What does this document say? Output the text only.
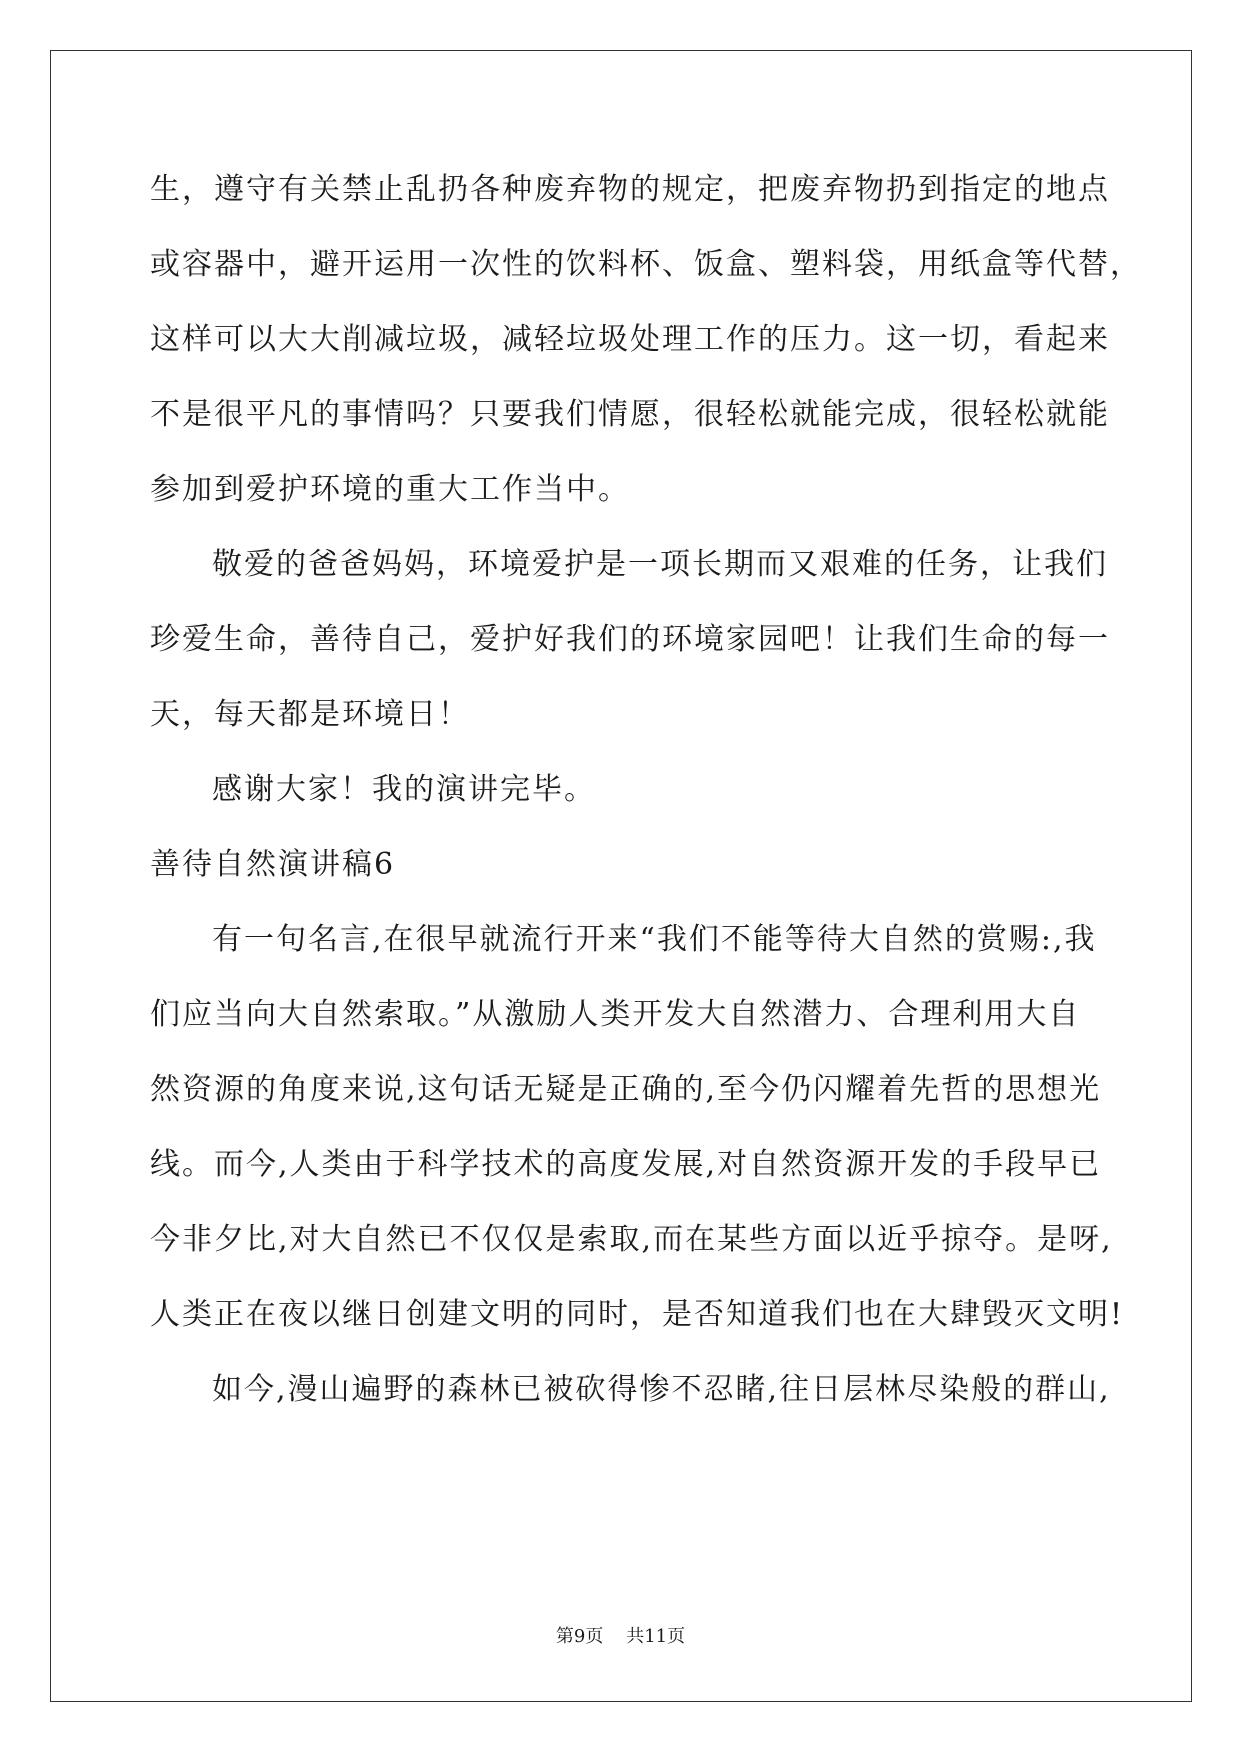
生，遵守有关禁止乱扔各种废弃物的规定，把废弃物扔到指定的地点
或容器中，避开运用一次性的饮料杯、饭盒、塑料袋，用纸盒等代替，
这样可以大大削减垃圾，减轻垃圾处理工作的压力。这一切，看起来
不是很平凡的事情吗？只要我们情愿，很轻松就能完成，很轻松就能
参加到爱护环境的重大工作当中。
敬爱的爸爸妈妈，环境爱护是一项长期而又艰难的任务，让我们
珍爱生命，善待自己，爱护好我们的环境家园吧！让我们生命的每一
天，每天都是环境日！
感谢大家！我的演讲完毕。
善待自然演讲稿6
有一句名言,在很早就流行开来“我们不能等待大自然的赏赐:,我
们应当向大自然索取。”从激励人类开发大自然潜力、合理利用大自
然资源的角度来说,这句话无疑是正确的,至今仍闪耀着先哲的思想光
线。而今,人类由于科学技术的高度发展,对自然资源开发的手段早已
今非夕比,对大自然已不仅仅是索取,而在某些方面以近乎掠夺。是呀,
人类正在夜以继日创建文明的同时，是否知道我们也在大肆毁灭文明!
如今,漫山遍野的森林已被砍得惨不忍睹,往日层林尽染般的群山,
第9页 共11页
